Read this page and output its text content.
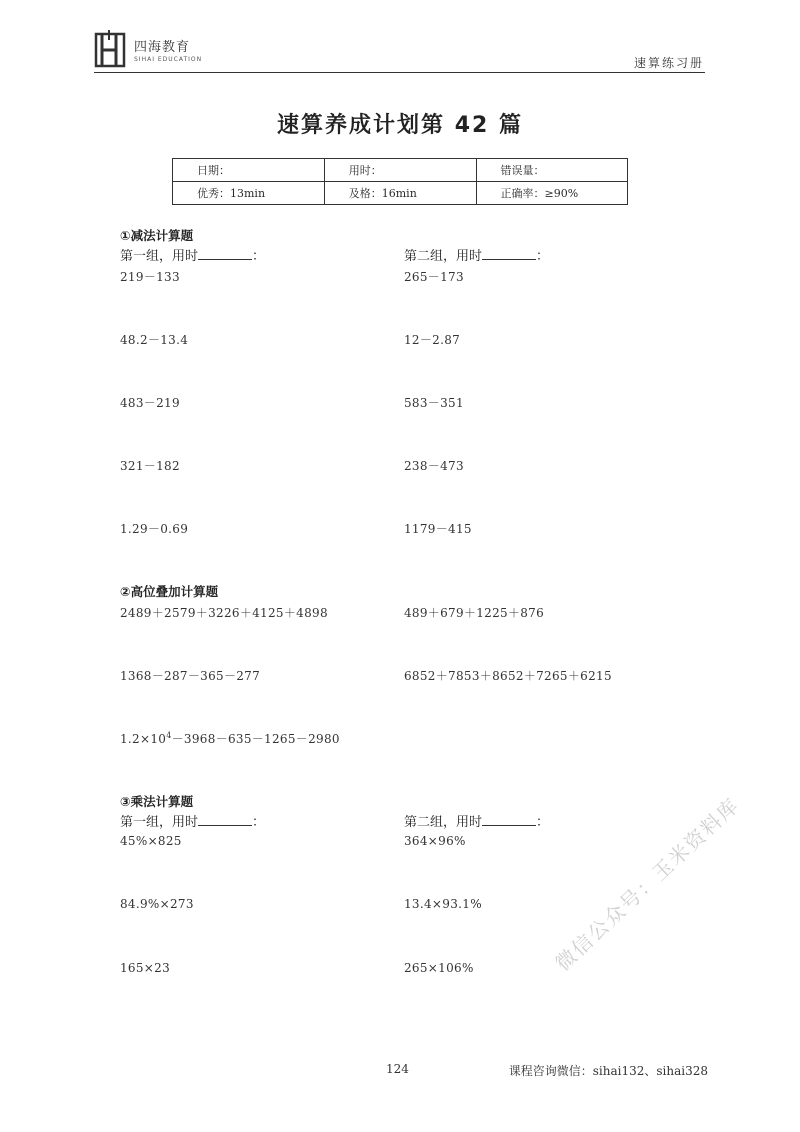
四海教育
SIHAI EDUCATION	速算练习册
速算养成计划第 42 篇
日期：	用时：	错误量：
优秀：13min	及格：16min	正确率：≥90%
①减法计算题
第一组，用时	：	第二组，用时	：
219－133
48.2－13.4
483－219
321－182
1.29－0.69
265－173
12－2.87
583－351
238－473
1179－415
②高位叠加计算题
2489＋2579＋3226＋4125＋4898
1368－287－365－277
489＋679＋1225＋876
6852＋7853＋8652＋7265＋6215
$1.2\times 10^4-3968-635-1265-2980$
③乘法计算题
第一组，用时	：	第二组，用时	：
45%×825
84.9%×273
165×23
364×96%
13.4×93.1%
265×106%	微信公众号：玉米资料库
124	课程咨询微信：sihai132、sihai328
